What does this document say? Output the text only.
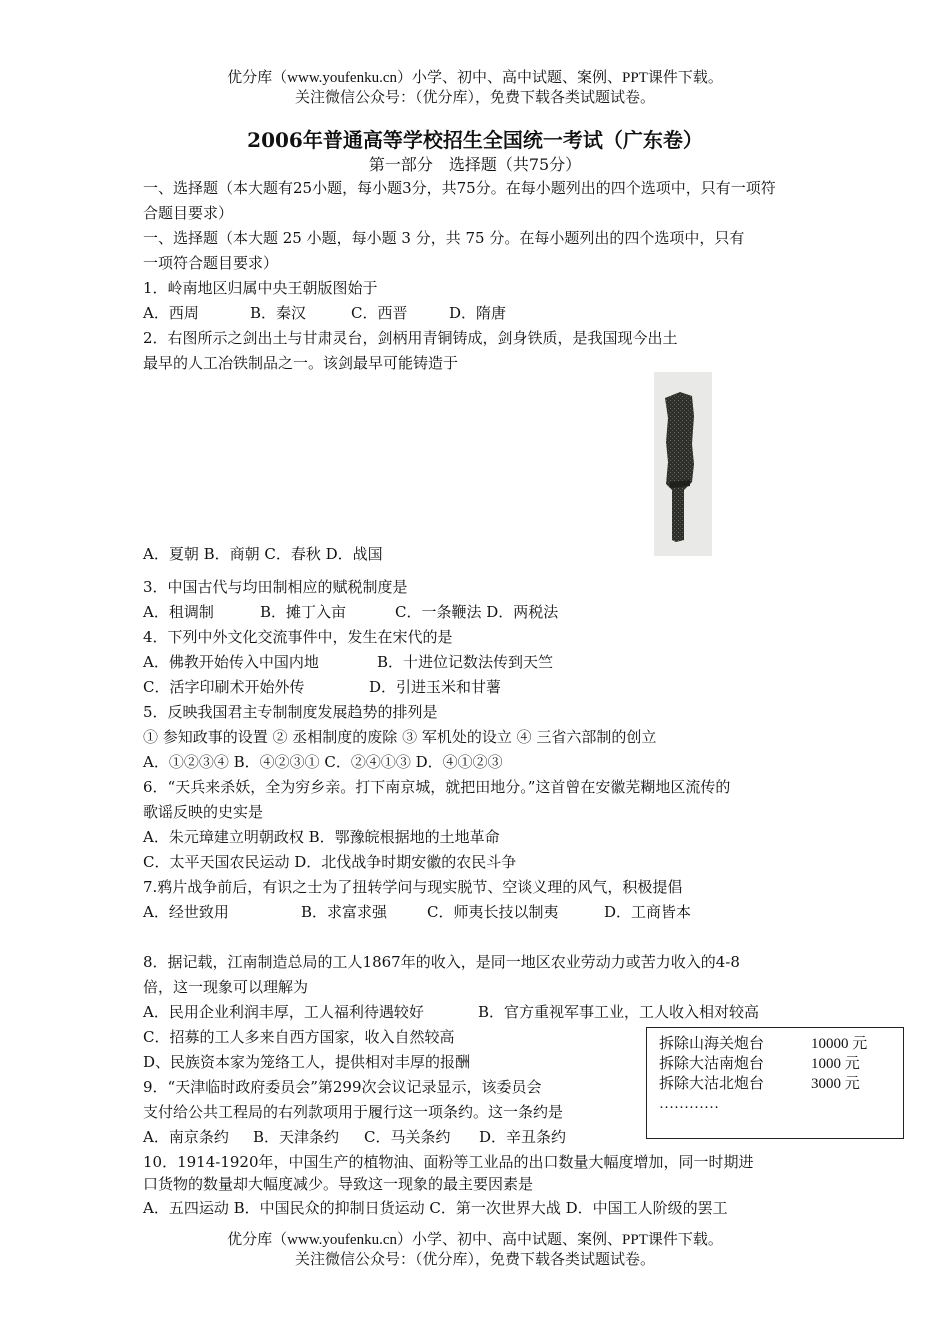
优分库（www.youfenku.cn）小学、初中、高中试题、案例、PPT课件下载。
关注微信公众号：（优分库），免费下载各类试题试卷。
2006年普通高等学校招生全国统一考试（广东卷）
第一部分　选择题（共75分）
一、选择题（本大题有25小题，每小题3分，共75分。在每小题列出的四个选项中，只有一项符
合题目要求）
一、选择题（本大题 25 小题，每小题 3 分，共 75 分。在每小题列出的四个选项中，只有
一项符合题目要求）
1．岭南地区归属中央王朝版图始于
A．西周	B．秦汉	C．西晋	D．隋唐
2．右图所示之剑出土与甘肃灵台，剑柄用青铜铸成，剑身铁质，是我国现今出土
最早的人工冶铁制品之一。该剑最早可能铸造于
A．夏朝 B．商朝 C．春秋 D．战国
3．中国古代与均田制相应的赋税制度是
A．租调制	B．摊丁入亩	C．一条鞭法 D．两税法
4．下列中外文化交流事件中，发生在宋代的是
A．佛教开始传入中国内地	B．十进位记数法传到天竺
C．活字印刷术开始外传	D．引进玉米和甘薯
5．反映我国君主专制制度发展趋势的排列是
① 参知政事的设置 ② 丞相制度的废除 ③ 军机处的设立 ④ 三省六部制的创立
A．①②③④ B．④②③① C．②④①③ D．④①②③
6．“天兵来杀妖，全为穷乡亲。打下南京城，就把田地分。”这首曾在安徽芜糊地区流传的
歌谣反映的史实是
A．朱元璋建立明朝政权 B．鄂豫皖根据地的土地革命
C．太平天国农民运动 D．北伐战争时期安徽的农民斗争
7.鸦片战争前后，有识之士为了扭转学问与现实脱节、空谈义理的风气，积极提倡
A．经世致用	B．求富求强	C．师夷长技以制夷	D．工商皆本
8．据记载，江南制造总局的工人1867年的收入，是同一地区农业劳动力或苦力收入的4-8
倍，这一现象可以理解为
A．民用企业利润丰厚，工人福利待遇较好	B．官方重视军事工业，工人收入相对较高
C．招募的工人多来自西方国家，收入自然较高
D、民族资本家为笼络工人，提供相对丰厚的报酬
9．“天津临时政府委员会”第299次会议记录显示，该委员会
支付给公共工程局的右列款项用于履行这一项条约。这一条约是
A．南京条约 B．天津条约 C．马关条约 D．辛丑条约
拆除山海关炮台	10000 元
拆除大沽南炮台	1000 元
拆除大沽北炮台	3000 元
…………
10．1914-1920年，中国生产的植物油、面粉等工业品的出口数量大幅度增加，同一时期进
口货物的数量却大幅度减少。导致这一现象的最主要因素是
A．五四运动 B．中国民众的抑制日货运动 C．第一次世界大战 D．中国工人阶级的罢工
优分库（www.youfenku.cn）小学、初中、高中试题、案例、PPT课件下载。
关注微信公众号：（优分库），免费下载各类试题试卷。
